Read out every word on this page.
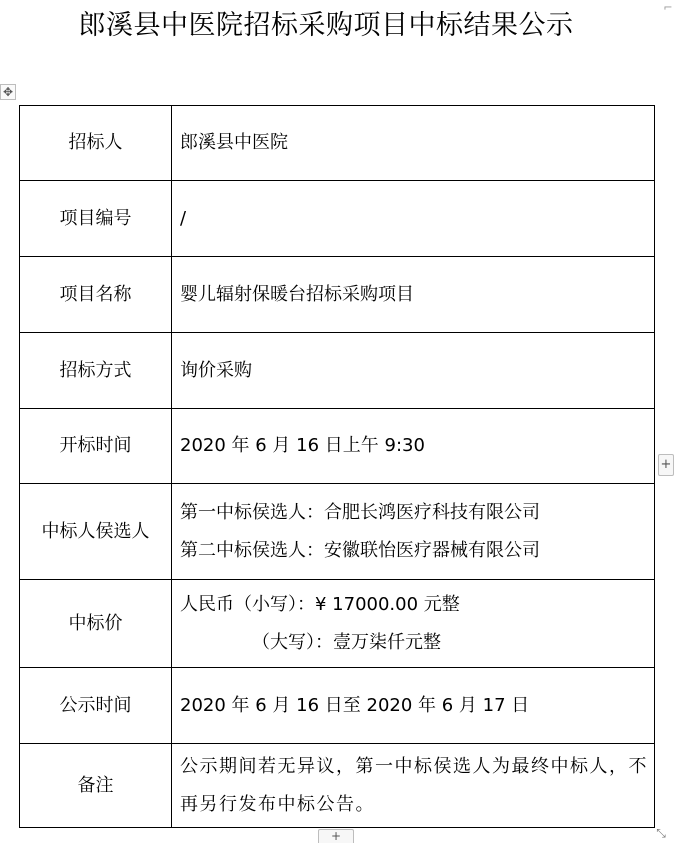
郎溪县中医院招标采购项目中标结果公示
⌐
✥
招标人	郎溪县中医院
项目编号	/
项目名称	婴儿辐射保暖台招标采购项目
招标方式	询价采购
开标时间	2020 年 6 月 16 日上午 9:30
中标人侯选人	第一中标侯选人：合肥长鸿医疗科技有限公司
第二中标侯选人：安徽联怡医疗器械有限公司

中标价	人民币（小写）：¥ 17000.00 元整
（大写）：壹万柒仟元整

公示时间	2020 年 6 月 16 日至 2020 年 6 月 17 日
备注	公示期间若无异议，第一中标侯选人为最终中标人，不再另行发布中标公告。
+
+	⤡
